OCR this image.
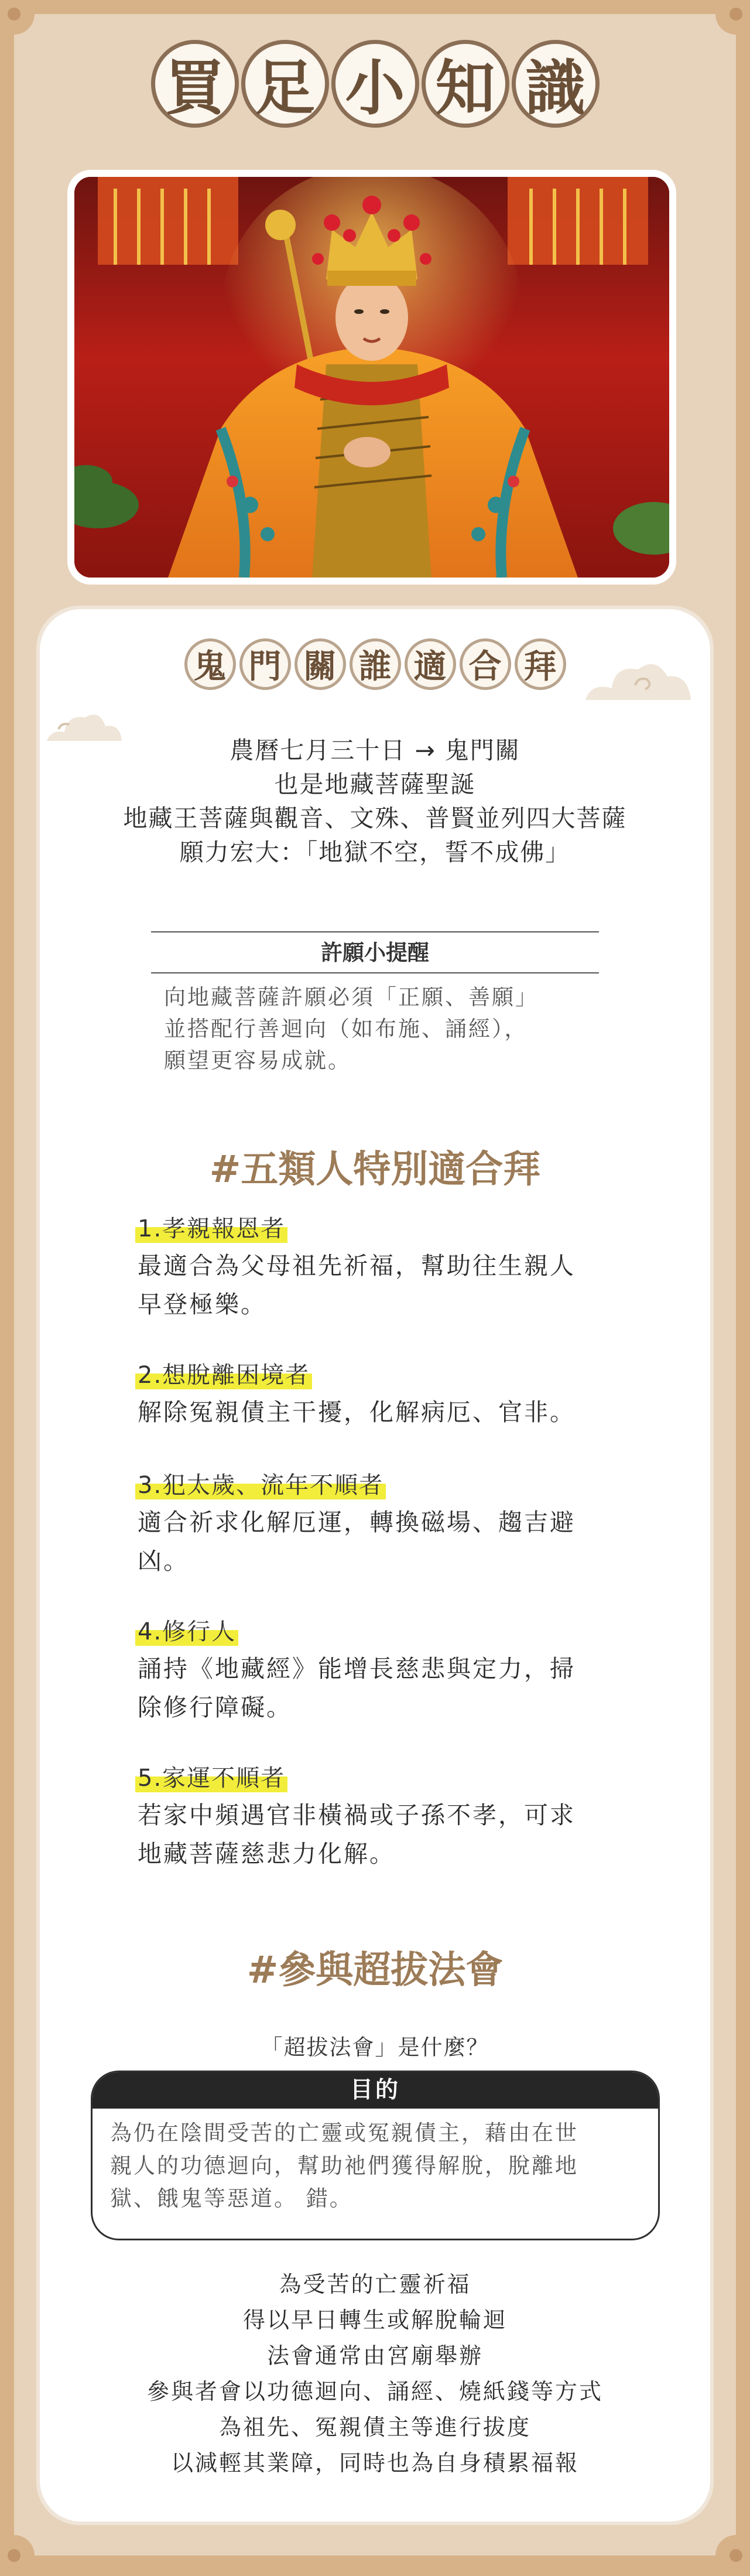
買 足 小 知 識
鬼 門 關 誰 適 合 拜
農曆七月三十日 → 鬼門關
也是地藏菩薩聖誕
地藏王菩薩與觀音、文殊、普賢並列四大菩薩
願力宏大：「地獄不空，誓不成佛」
許願小提醒
向地藏菩薩許願必須「正願、善願」
並搭配行善迴向（如布施、誦經），
願望更容易成就。
#五類人特別適合拜
1.孝親報恩者
最適合為父母祖先祈福，幫助往生親人
早登極樂。
2.想脫離困境者
解除冤親債主干擾，化解病厄、官非。
3.犯太歲、流年不順者
適合祈求化解厄運，轉換磁場、趨吉避
凶。
4.修行人
誦持《地藏經》能增長慈悲與定力，掃
除修行障礙。
5.家運不順者
若家中頻遇官非橫禍或子孫不孝，可求
地藏菩薩慈悲力化解。
#參與超拔法會
「超拔法會」是什麼？
目的
為仍在陰間受苦的亡靈或冤親債主，藉由在世
親人的功德迴向，幫助祂們獲得解脫，脫離地
獄、餓鬼等惡道。 錯。
為受苦的亡靈祈福
得以早日轉生或解脫輪迴
法會通常由宮廟舉辦
參與者會以功德迴向、誦經、燒紙錢等方式
為祖先、冤親債主等進行拔度
以減輕其業障，同時也為自身積累福報
